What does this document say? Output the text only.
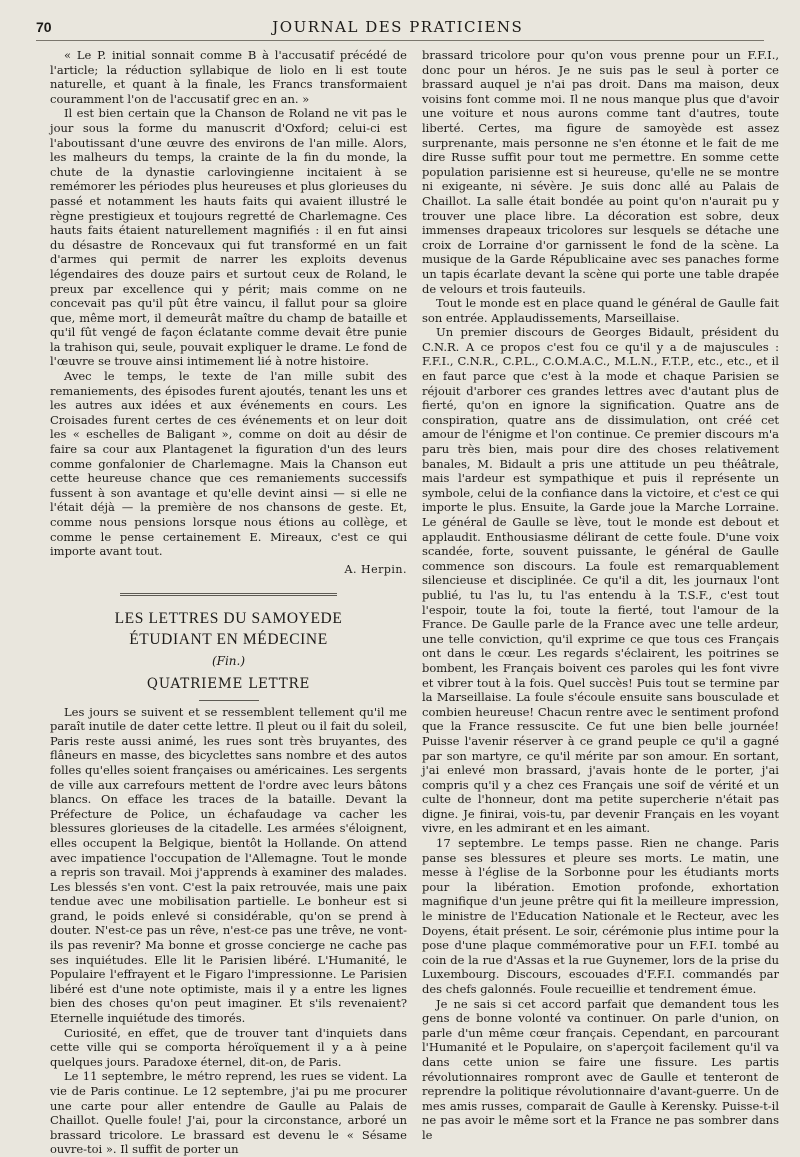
70	JOURNAL DES PRATICIENS

« Le P. initial sonnait comme B à l'accusatif précédé de l'article; la réduction syllabique de liolo en li est toute naturelle, et quant à la finale, les Francs transformaient couramment l'on de l'accusatif grec en an. »

Il est bien certain que la Chanson de Roland ne vit pas le jour sous la forme du manuscrit d'Oxford; celui-ci est l'aboutissant d'une œuvre des environs de l'an mille. Alors, les malheurs du temps, la crainte de la fin du monde, la chute de la dynastie carlovingienne incitaient à se remémorer les périodes plus heureuses et plus glorieuses du passé et notamment les hauts faits qui avaient illustré le règne prestigieux et toujours regretté de Charlemagne. Ces hauts faits étaient naturellement magnifiés : il en fut ainsi du désastre de Roncevaux qui fut transformé en un fait d'armes qui permit de narrer les exploits devenus légendaires des douze pairs et surtout ceux de Roland, le preux par excellence qui y périt; mais comme on ne concevait pas qu'il pût être vaincu, il fallut pour sa gloire que, même mort, il demeurât maître du champ de bataille et qu'il fût vengé de façon éclatante comme devait être punie la trahison qui, seule, pouvait expliquer le drame. Le fond de l'œuvre se trouve ainsi intimement lié à notre histoire.

Avec le temps, le texte de l'an mille subit des remaniements, des épisodes furent ajoutés, tenant les uns et les autres aux idées et aux événements en cours. Les Croisades furent certes de ces événements et on leur doit les « eschelles de Baligant », comme on doit au désir de faire sa cour aux Plantagenet la figuration d'un des leurs comme gonfalonier de Charlemagne. Mais la Chanson eut cette heureuse chance que ces remaniements successifs fussent à son avantage et qu'elle devint ainsi — si elle ne l'était déjà — la première de nos chansons de geste. Et, comme nous pensions lorsque nous étions au collège, et comme le pense certainement E. Mireaux, c'est ce qui importe avant tout.

A. Herpin.
LES LETTRES DU SAMOYEDE
ÉTUDIANT EN MÉDECINE
(Fin.)
QUATRIEME LETTRE

Les jours se suivent et se ressemblent tellement qu'il me paraît inutile de dater cette lettre. Il pleut ou il fait du soleil, Paris reste aussi animé, les rues sont très bruyantes, des flâneurs en masse, des bicyclettes sans nombre et des autos folles qu'elles soient françaises ou américaines. Les sergents de ville aux carrefours mettent de l'ordre avec leurs bâtons blancs. On efface les traces de la bataille. Devant la Préfecture de Police, un échafaudage va cacher les blessures glorieuses de la citadelle. Les armées s'éloignent, elles occupent la Belgique, bientôt la Hollande. On attend avec impatience l'occupation de l'Allemagne. Tout le monde a repris son travail. Moi j'apprends à examiner des malades. Les blessés s'en vont. C'est la paix retrouvée, mais une paix tendue avec une mobilisation partielle. Le bonheur est si grand, le poids enlevé si considérable, qu'on se prend à douter. N'est-ce pas un rêve, n'est-ce pas une trêve, ne vont-ils pas revenir? Ma bonne et grosse concierge ne cache pas ses inquiétudes. Elle lit le Parisien libéré. L'Humanité, le Populaire l'effrayent et le Figaro l'impressionne. Le Parisien libéré est d'une note optimiste, mais il y a entre les lignes bien des choses qu'on peut imaginer. Et s'ils revenaient? Eternelle inquiétude des timorés.

Curiosité, en effet, que de trouver tant d'inquiets dans cette ville qui se comporta héroïquement il y a à peine quelques jours. Paradoxe éternel, dit-on, de Paris.

Le 11 septembre, le métro reprend, les rues se vident. La vie de Paris continue. Le 12 septembre, j'ai pu me procurer une carte pour aller entendre de Gaulle au Palais de Chaillot. Quelle foule! J'ai, pour la circonstance, arboré un brassard tricolore. Le brassard est devenu le « Sésame ouvre-toi ». Il suffit de porter un

brassard tricolore pour qu'on vous prenne pour un F.F.I., donc pour un héros. Je ne suis pas le seul à porter ce brassard auquel je n'ai pas droit. Dans ma maison, deux voisins font comme moi. Il ne nous manque plus que d'avoir une voiture et nous aurons comme tant d'autres, toute liberté. Certes, ma figure de samoyède est assez surprenante, mais personne ne s'en étonne et le fait de me dire Russe suffit pour tout me permettre. En somme cette population parisienne est si heureuse, qu'elle ne se montre ni exigeante, ni sévère. Je suis donc allé au Palais de Chaillot. La salle était bondée au point qu'on n'aurait pu y trouver une place libre. La décoration est sobre, deux immenses drapeaux tricolores sur lesquels se détache une croix de Lorraine d'or garnissent le fond de la scène. La musique de la Garde Républicaine avec ses panaches forme un tapis écarlate devant la scène qui porte une table drapée de velours et trois fauteuils.

Tout le monde est en place quand le général de Gaulle fait son entrée. Applaudissements, Marseillaise.

Un premier discours de Georges Bidault, président du C.N.R. A ce propos c'est fou ce qu'il y a de majuscules : F.F.I., C.N.R., C.P.L., C.O.M.A.C., M.L.N., F.T.P., etc., etc., et il en faut parce que c'est à la mode et chaque Parisien se réjouit d'arborer ces grandes lettres avec d'autant plus de fierté, qu'on en ignore la signification. Quatre ans de conspiration, quatre ans de dissimulation, ont créé cet amour de l'énigme et l'on continue. Ce premier discours m'a paru très bien, mais pour dire des choses relativement banales, M. Bidault a pris une attitude un peu théâtrale, mais l'ardeur est sympathique et puis il représente un symbole, celui de la confiance dans la victoire, et c'est ce qui importe le plus. Ensuite, la Garde joue la Marche Lorraine. Le général de Gaulle se lève, tout le monde est debout et applaudit. Enthousiasme délirant de cette foule. D'une voix scandée, forte, souvent puissante, le général de Gaulle commence son discours. La foule est remarquablement silencieuse et disciplinée. Ce qu'il a dit, les journaux l'ont publié, tu l'as lu, tu l'as entendu à la T.S.F., c'est tout l'espoir, toute la foi, toute la fierté, tout l'amour de la France. De Gaulle parle de la France avec une telle ardeur, une telle conviction, qu'il exprime ce que tous ces Français ont dans le cœur. Les regards s'éclairent, les poitrines se bombent, les Français boivent ces paroles qui les font vivre et vibrer tout à la fois. Quel succès! Puis tout se termine par la Marseillaise. La foule s'écoule ensuite sans bousculade et combien heureuse! Chacun rentre avec le sentiment profond que la France ressuscite. Ce fut une bien belle journée! Puisse l'avenir réserver à ce grand peuple ce qu'il a gagné par son martyre, ce qu'il mérite par son amour. En sortant, j'ai enlevé mon brassard, j'avais honte de le porter, j'ai compris qu'il y a chez ces Français une soif de vérité et un culte de l'honneur, dont ma petite supercherie n'était pas digne. Je finirai, vois-tu, par devenir Français en les voyant vivre, en les admirant et en les aimant.

17 septembre. Le temps passe. Rien ne change. Paris panse ses blessures et pleure ses morts. Le matin, une messe à l'église de la Sorbonne pour les étudiants morts pour la libération. Emotion profonde, exhortation magnifique d'un jeune prêtre qui fit la meilleure impression, le ministre de l'Education Nationale et le Recteur, avec les Doyens, était présent. Le soir, cérémonie plus intime pour la pose d'une plaque commémorative pour un F.F.I. tombé au coin de la rue d'Assas et la rue Guynemer, lors de la prise du Luxembourg. Discours, escouades d'F.F.I. commandés par des chefs galonnés. Foule recueillie et tendrement émue.

Je ne sais si cet accord parfait que demandent tous les gens de bonne volonté va continuer. On parle d'union, on parle d'un même cœur français. Cependant, en parcourant l'Humanité et le Populaire, on s'aperçoit facilement qu'il va dans cette union se faire une fissure. Les partis révolutionnaires rompront avec de Gaulle et tenteront de reprendre la politique révolutionnaire d'avant-guerre. Un de mes amis russes, comparait de Gaulle à Kerensky. Puisse-t-il ne pas avoir le même sort et la France ne pas sombrer dans le
